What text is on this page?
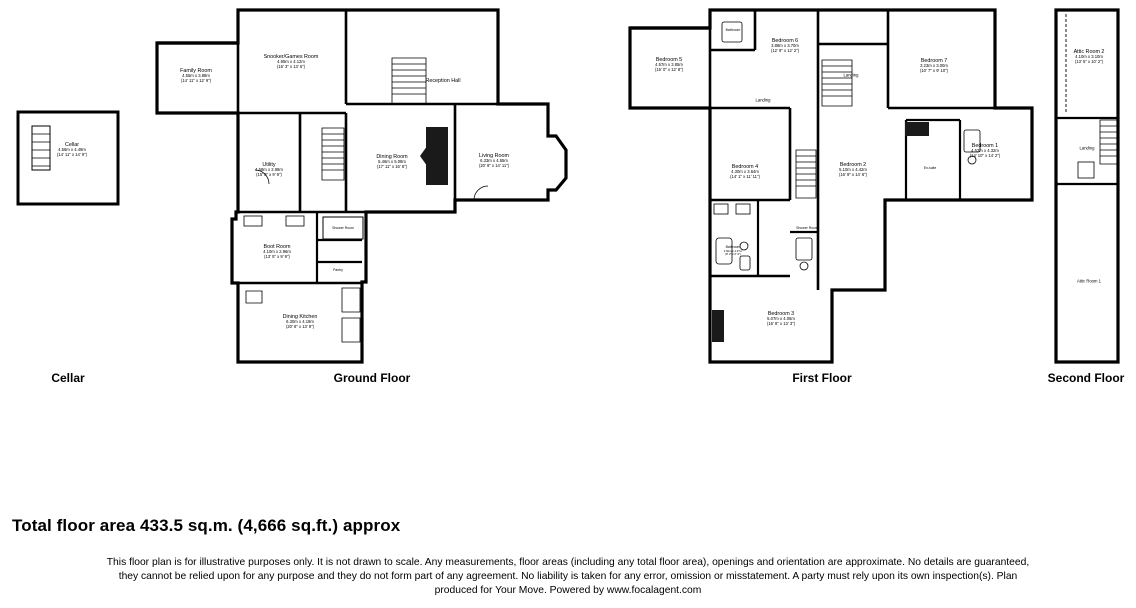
Cellar	Ground Floor	First Floor	Second Floor
Cellar
4.56m x 4.49m
(14' 11" x 14' 9")
Snooker/Games Room
4.95m x 4.12m
(16' 3" x 13' 6")
Family Room
4.55m x 3.88m
(14' 11" x 12' 9")	Reception Hall
Utility
4.58m x 2.98m
(15' 0" x 9' 9")
Dining Room
5.46m x 5.08m
(17' 11" x 16' 8")
Living Room
6.33m x 4.55m
(20' 9" x 14' 11")
Boot Room
4.10m x 2.96m
(13' 5" x 9' 9")
Shower Room
Pantry
Dining Kitchen
6.30m x 4.19m
(20' 8" x 13' 9")
Bathroom
Bedroom 6
3.88m x 3.70m
(12' 9" x 12' 2")
Bedroom 5
4.57m x 3.85m
(15' 0" x 12' 8")
Bedroom 7
3.23m x 3.00m
(10' 7" x 9' 10")
Landing
Landing
Bedroom 4
4.30m x 3.64m
(14' 1" x 11' 11")
Bedroom 2
5.10m x 4.42m
(16' 9" x 14' 6")
Bedroom 1
4.53m x 4.32m
(14' 10" x 14' 2")
En-suite
Bathroom
2.50m x 2.07m
(8' 2" x 6' 9")
Shower Room
Bedroom 3
5.07m x 4.05m
(16' 8" x 13' 3")
Attic Room 2
4.10m x 3.10m
(13' 5" x 10' 2")
Landing
Attic Room 1
Total floor area 433.5 sq.m. (4,666 sq.ft.) approx

This floor plan is for illustrative purposes only. It is not drawn to scale. Any measurements, floor areas (including any total floor area), openings and orientation are approximate. No details are guaranteed,

they cannot be relied upon for any purpose and they do not form part of any agreement. No liability is taken for any error, omission or misstatement. A party must rely upon its own inspection(s). Plan

produced for Your Move. Powered by www.focalagent.com
